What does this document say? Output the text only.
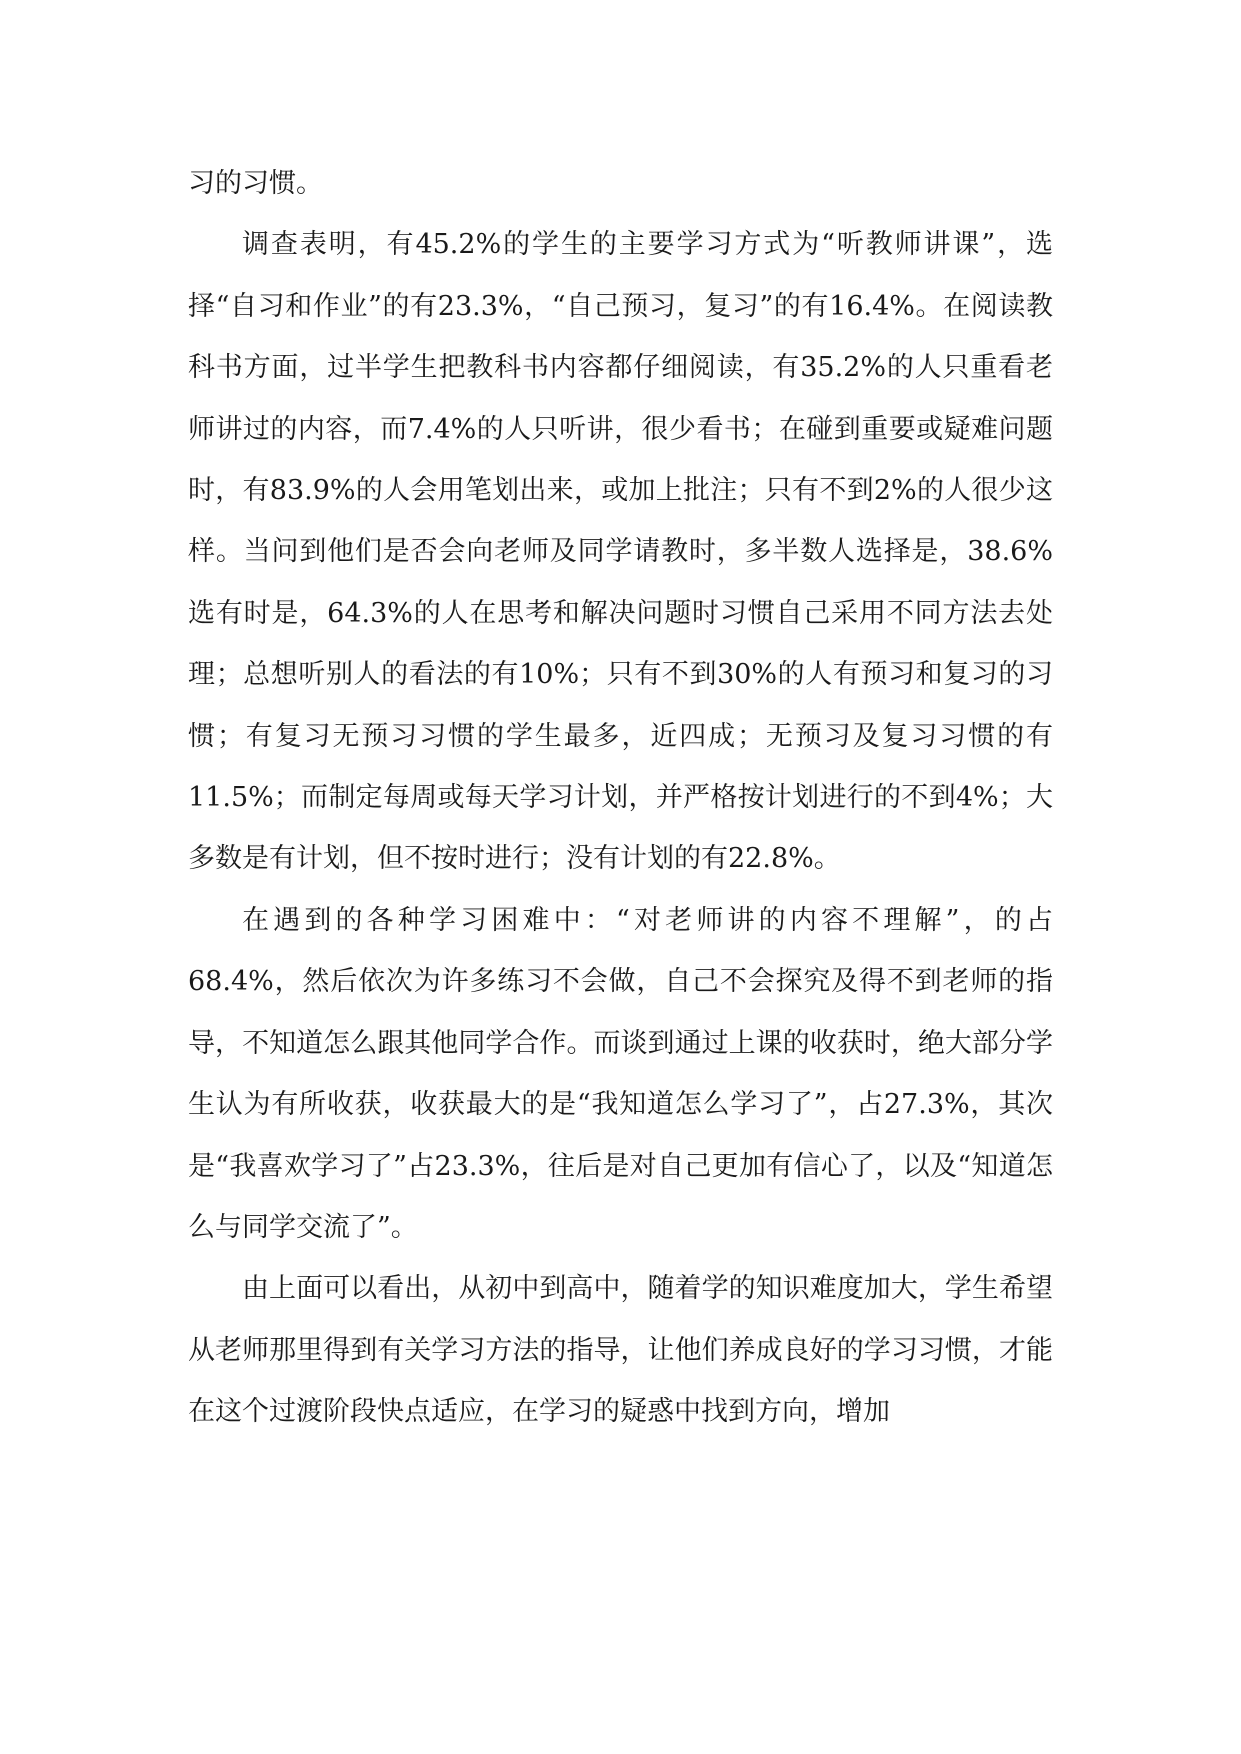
习的习惯。

调查表明，有45.2%的学生的主要学习方式为“听教师讲课”，选择“自习和作业”的有23.3%，“自己预习，复习”的有16.4%。在阅读教科书方面，过半学生把教科书内容都仔细阅读，有35.2%的人只重看老师讲过的内容，而7.4%的人只听讲，很少看书；在碰到重要或疑难问题时，有83.9%的人会用笔划出来，或加上批注；只有不到2%的人很少这样。当问到他们是否会向老师及同学请教时，多半数人选择是，38.6%选有时是，64.3%的人在思考和解决问题时习惯自己采用不同方法去处理；总想听别人的看法的有10%；只有不到30%的人有预习和复习的习惯；有复习无预习习惯的学生最多，近四成；无预习及复习习惯的有11.5%；而制定每周或每天学习计划，并严格按计划进行的不到4%；大多数是有计划，但不按时进行；没有计划的有22.8%。

在遇到的各种学习困难中：“对老师讲的内容不理解”，的占68.4%，然后依次为许多练习不会做，自己不会探究及得不到老师的指导，不知道怎么跟其他同学合作。而谈到通过上课的收获时，绝大部分学生认为有所收获，收获最大的是“我知道怎么学习了”，占27.3%，其次是“我喜欢学习了”占23.3%，往后是对自己更加有信心了，以及“知道怎么与同学交流了”。

由上面可以看出，从初中到高中，随着学的知识难度加大，学生希望从老师那里得到有关学习方法的指导，让他们养成良好的学习习惯，才能在这个过渡阶段快点适应，在学习的疑惑中找到方向，增加
